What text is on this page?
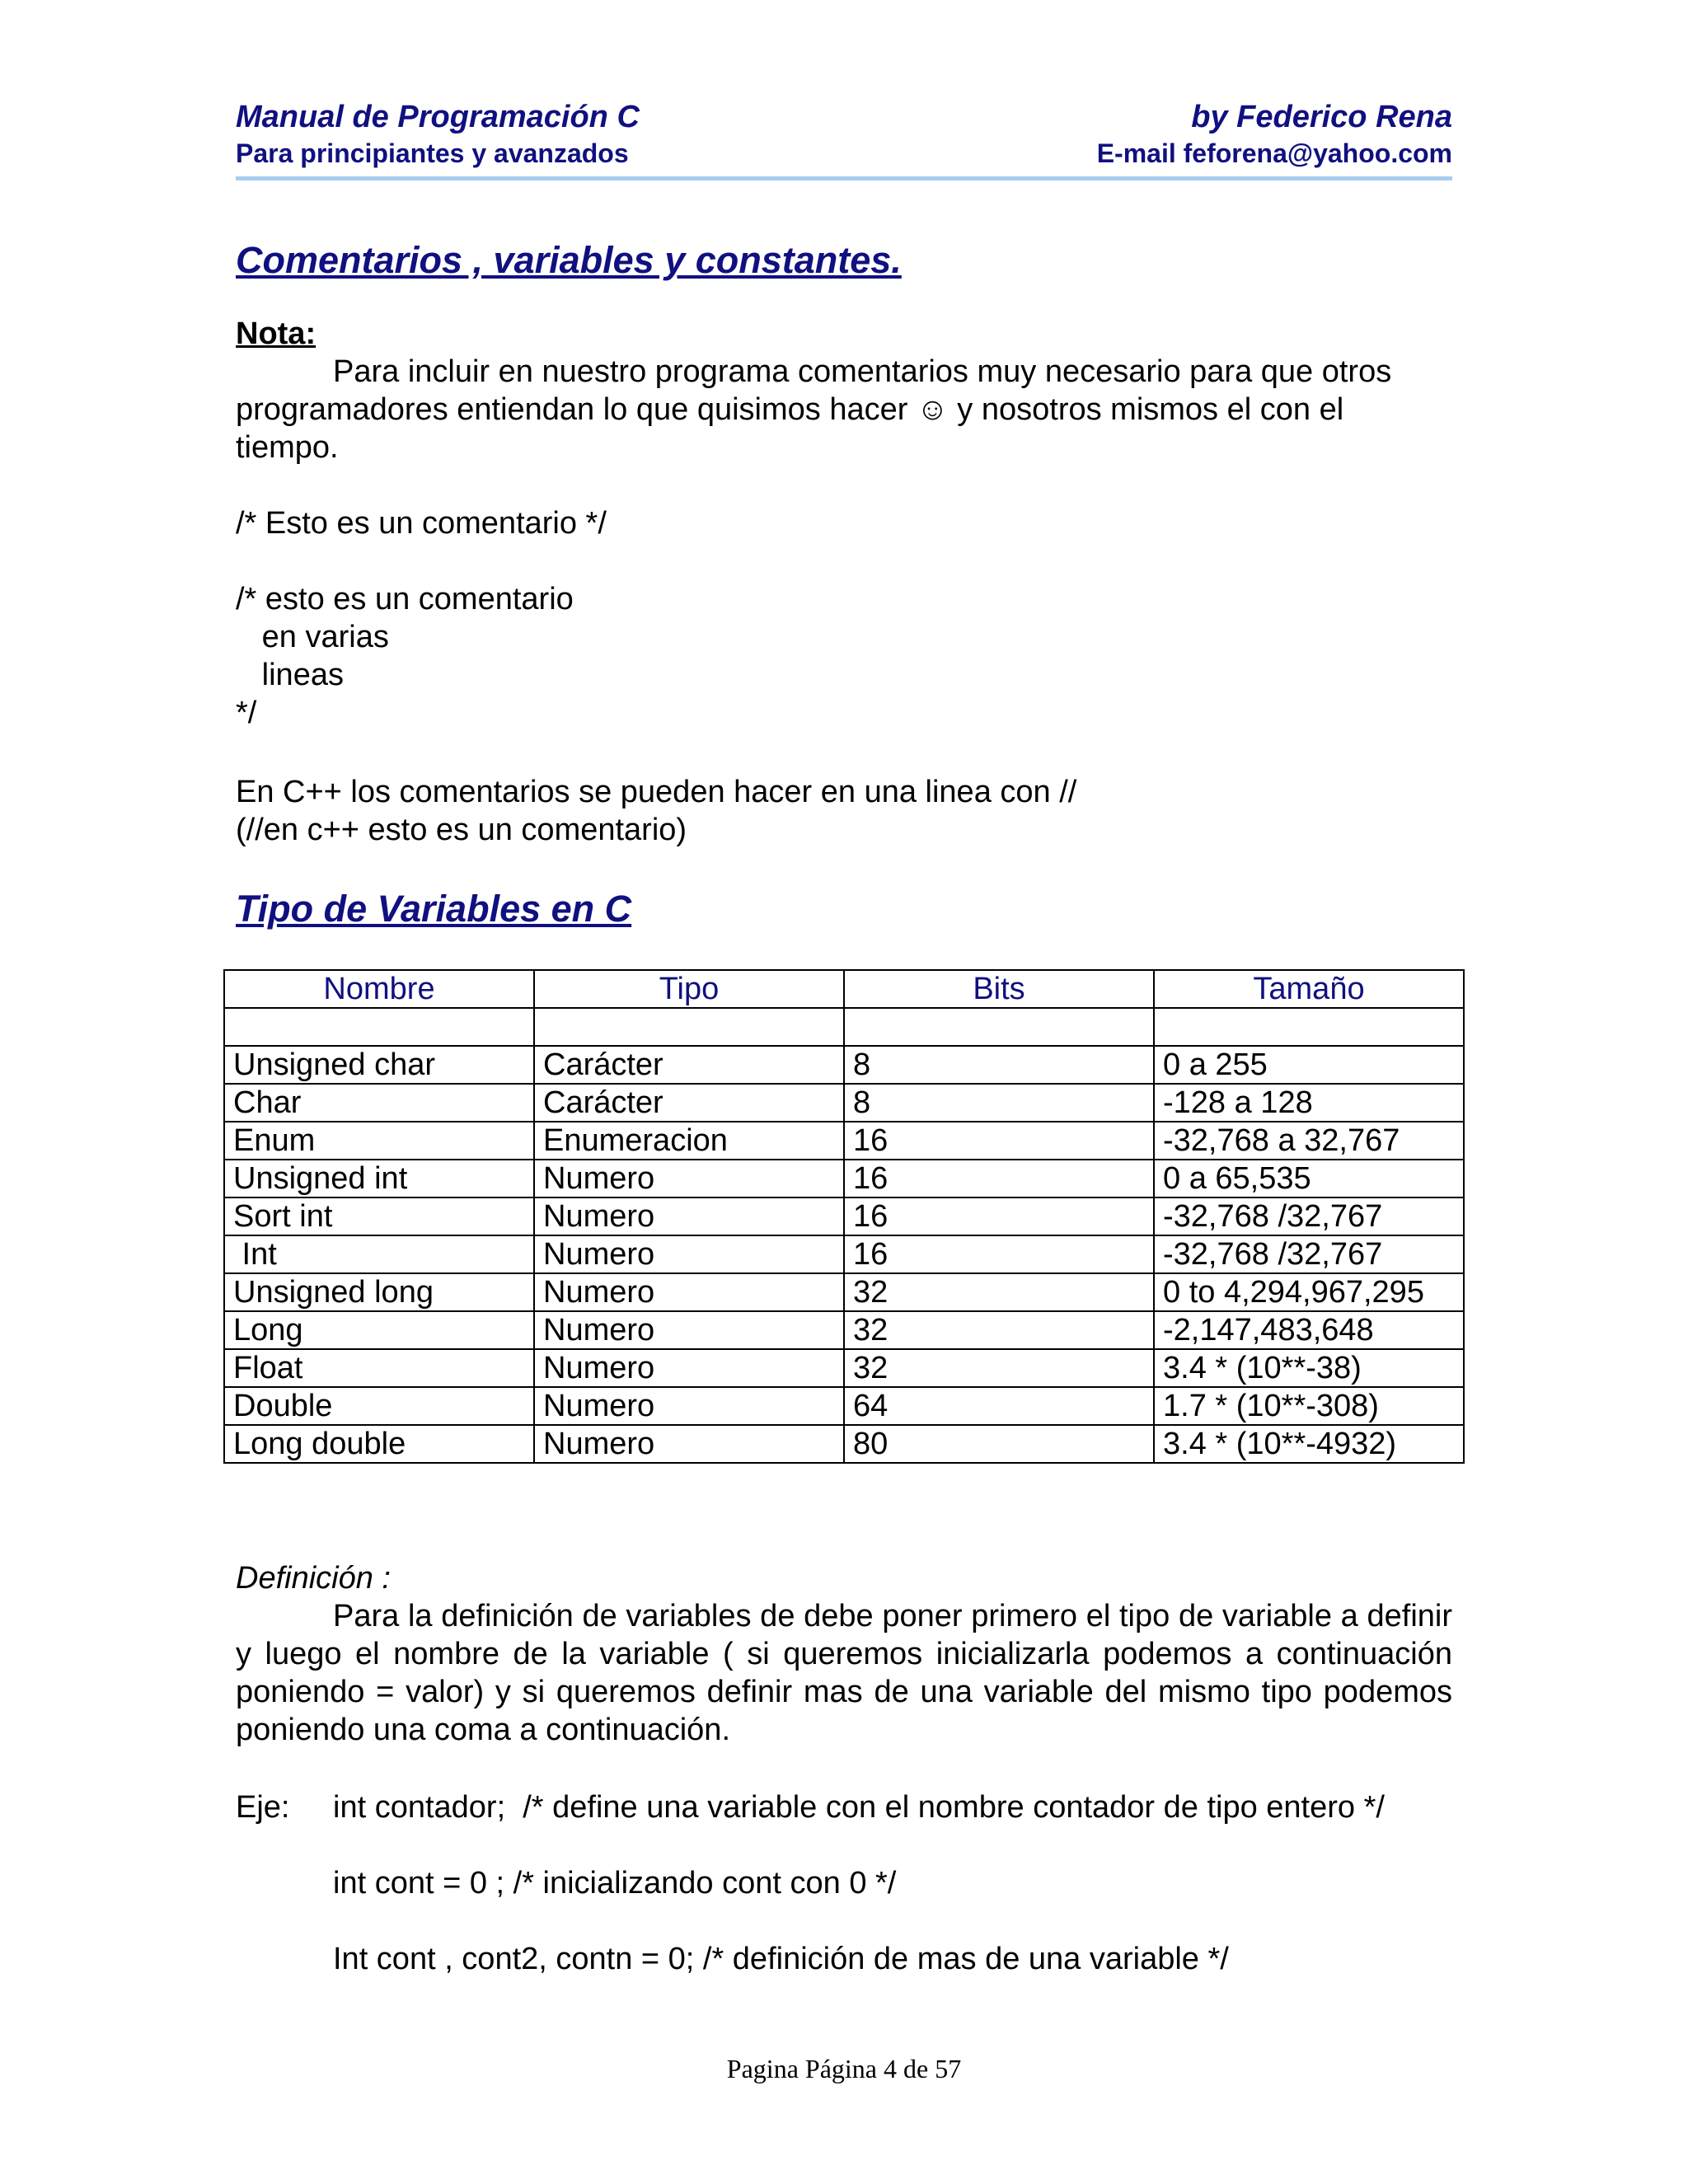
Manual de Programación C
Para principiantes y avanzados
by Federico Rena
E-mail feforena@yahoo.com
Comentarios , variables y constantes.
Nota:
Para incluir en nuestro programa comentarios muy necesario para que otros programadores entiendan lo que quisimos hacer ☺ y nosotros mismos el con el tiempo.
/* Esto es un comentario */
/* esto es un comentario
en varias
lineas
*/
En C++ los comentarios se pueden hacer en una linea con //
(//en c++ esto es un comentario)
Tipo de Variables en C
Nombre	Tipo	Bits	Tamaño

Unsigned char	Carácter	8	0 a 255
Char	Carácter	8	-128 a 128
Enum	Enumeracion	16	-32,768 a 32,767
Unsigned int	Numero	16	0 a 65,535
Sort int	Numero	16	-32,768 /32,767
Int	Numero	16	-32,768 /32,767
Unsigned long	Numero	32	0 to 4,294,967,295
Long	Numero	32	-2,147,483,648
Float	Numero	32	3.4 * (10**-38)
Double	Numero	64	1.7 * (10**-308)
Long double	Numero	80	3.4 * (10**-4932)
Definición :
Para la definición de variables de debe poner primero el tipo de variable a definir y luego el nombre de la variable ( si queremos inicializarla podemos a continuación poniendo = valor) y si queremos definir mas de una variable del mismo tipo podemos poniendo una coma a continuación.
Eje: int contador;  /* define una variable con el nombre contador de tipo entero */
int cont = 0 ; /* inicializando cont con 0 */
Int cont , cont2, contn = 0; /* definición de mas de una variable */
Pagina Página 4 de 57
